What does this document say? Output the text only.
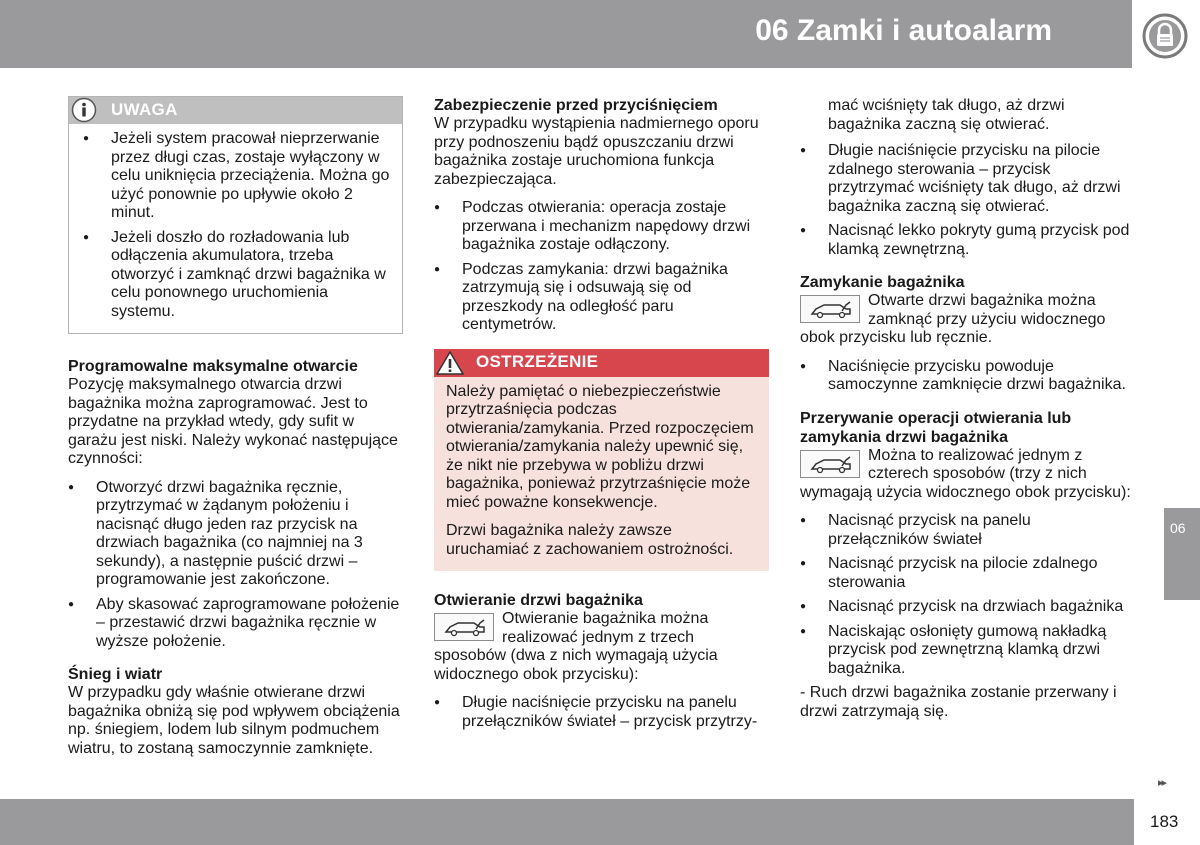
06 Zamki i autoalarm
UWAGA
● Jeżeli system pracował nieprzerwanie przez długi czas, zostaje wyłączony w celu uniknięcia przeciążenia. Można go użyć ponownie po upływie około 2 minut.
● Jeżeli doszło do rozładowania lub odłączenia akumulatora, trzeba otworzyć i zamknąć drzwi bagażnika w celu ponownego uruchomienia systemu.
Programowalne maksymalne otwarcie

Pozycję maksymalnego otwarcia drzwi bagażnika można zaprogramować. Jest to przydatne na przykład wtedy, gdy sufit w garażu jest niski. Należy wykonać następujące czynności:

● Otworzyć drzwi bagażnika ręcznie, przytrzymać w żądanym położeniu i nacisnąć długo jeden raz przycisk na drzwiach bagażnika (co najmniej na 3 sekundy), a następnie puścić drzwi – programowanie jest zakończone.
● Aby skasować zaprogramowane położenie – przestawić drzwi bagażnika ręcznie w wyższe położenie.
Śnieg i wiatr

W przypadku gdy właśnie otwierane drzwi bagażnika obniżą się pod wpływem obciążenia np. śniegiem, lodem lub silnym podmuchem wiatru, to zostaną samoczynnie zamknięte.

Zabezpieczenie przed przyciśnięciem

W przypadku wystąpienia nadmiernego oporu przy podnoszeniu bądź opuszczaniu drzwi bagażnika zostaje uruchomiona funkcja zabezpieczająca.

● Podczas otwierania: operacja zostaje przerwana i mechanizm napędowy drzwi bagażnika zostaje odłączony.
● Podczas zamykania: drzwi bagażnika zatrzymują się i odsuwają się od przeszkody na odległość paru centymetrów.
OSTRZEŻENIE

Należy pamiętać o niebezpieczeństwie przytrzaśnięcia podczas otwierania/zamykania. Przed rozpoczęciem otwierania/zamykania należy upewnić się, że nikt nie przebywa w pobliżu drzwi bagażnika, ponieważ przytrzaśnięcie może mieć poważne konsekwencje.

Drzwi bagażnika należy zawsze uruchamiać z zachowaniem ostrożności.

Otwieranie drzwi bagażnika

Otwieranie bagażnika można realizować jednym z trzech sposobów (dwa z nich wymagają użycia widocznego obok przycisku):

● Długie naciśnięcie przycisku na panelu przełączników świateł – przycisk przytrzy-

mać wciśnięty tak długo, aż drzwi bagażnika zaczną się otwierać.

● Długie naciśnięcie przycisku na pilocie zdalnego sterowania – przycisk przytrzymać wciśnięty tak długo, aż drzwi bagażnika zaczną się otwierać.
● Nacisnąć lekko pokryty gumą przycisk pod klamką zewnętrzną.
Zamykanie bagażnika

Otwarte drzwi bagażnika można zamknąć przy użyciu widocznego obok przycisku lub ręcznie.

● Naciśnięcie przycisku powoduje samoczynne zamknięcie drzwi bagażnika.
Przerywanie operacji otwierania lub zamykania drzwi bagażnika

Można to realizować jednym z czterech sposobów (trzy z nich wymagają użycia widocznego obok przycisku):

● Nacisnąć przycisk na panelu przełączników świateł
● Nacisnąć przycisk na pilocie zdalnego sterowania
● Nacisnąć przycisk na drzwiach bagażnika
● Naciskając osłonięty gumową nakładką przycisk pod zewnętrzną klamką drzwi bagażnika.

- Ruch drzwi bagażnika zostanie przerwany i drzwi zatrzymają się.

06
▸▸
183
